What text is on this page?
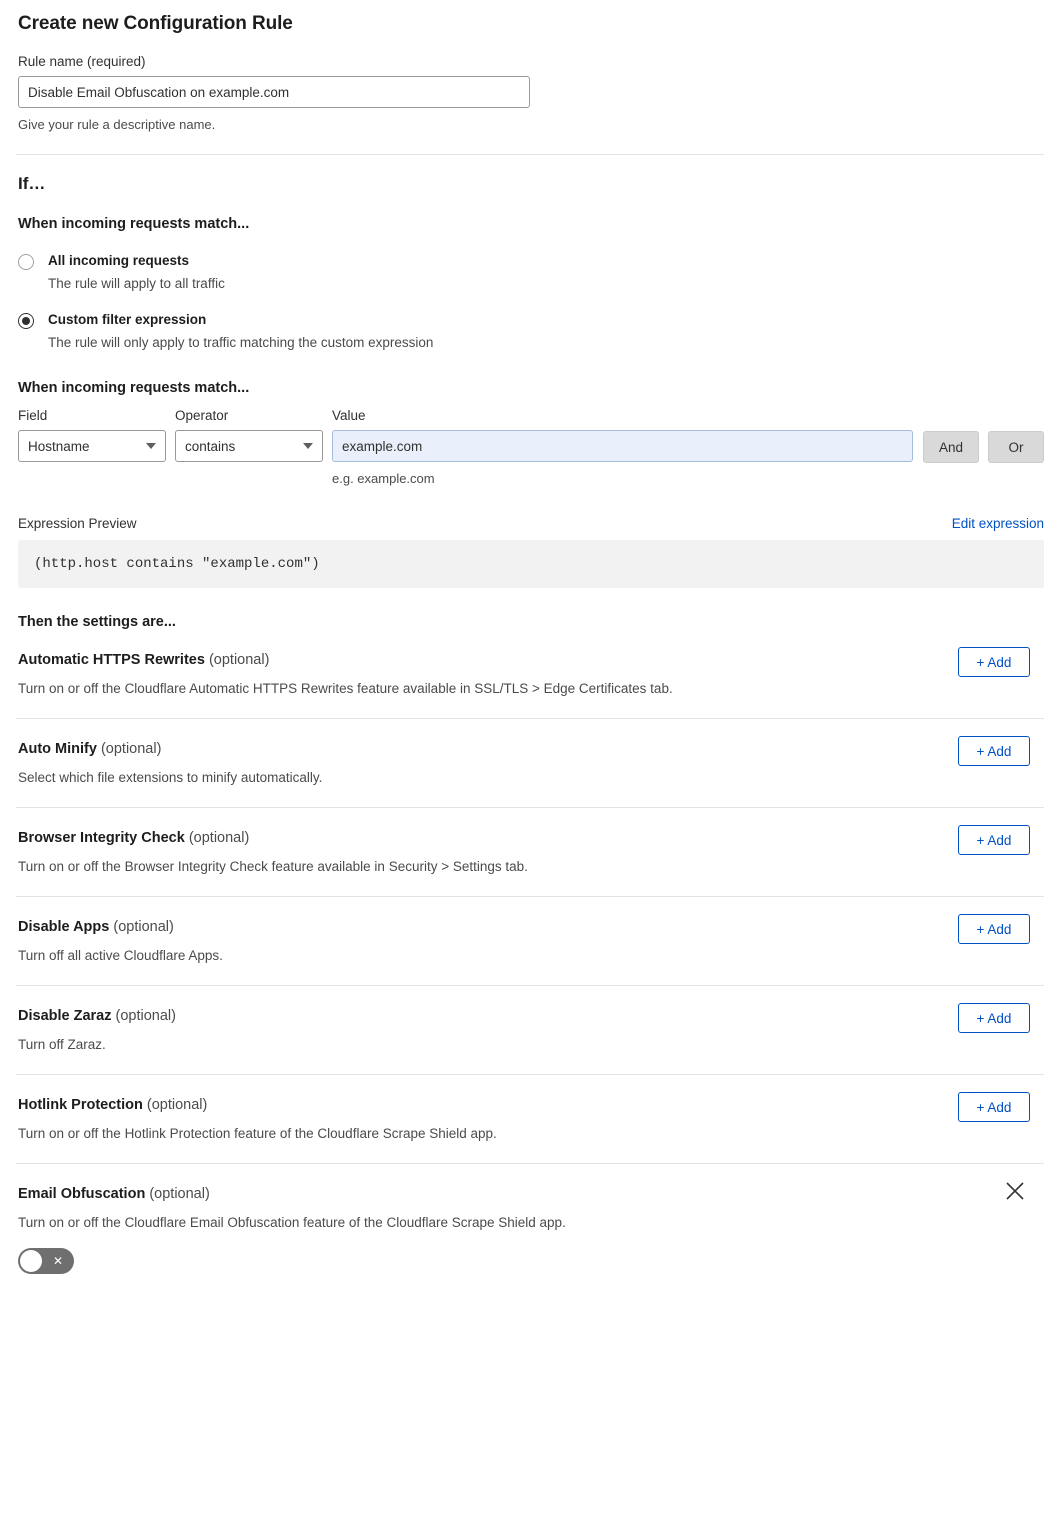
Create new Configuration Rule
Rule name (required)
Disable Email Obfuscation on example.com
Give your rule a descriptive name.
If…
When incoming requests match...
All incoming requests
The rule will apply to all traffic
Custom filter expression
The rule will only apply to traffic matching the custom expression
When incoming requests match...
Field
Hostname
Operator
contains
Value
example.com
e.g. example.com
And	Or
Expression Preview	Edit expression
(http.host contains "example.com")
Then the settings are...
Automatic HTTPS Rewrites (optional)
Turn on or off the Cloudflare Automatic HTTPS Rewrites feature available in SSL/TLS > Edge Certificates tab.
+ Add
Auto Minify (optional)
Select which file extensions to minify automatically.
+ Add
Browser Integrity Check (optional)
Turn on or off the Browser Integrity Check feature available in Security > Settings tab.
+ Add
Disable Apps (optional)
Turn off all active Cloudflare Apps.
+ Add
Disable Zaraz (optional)
Turn off Zaraz.
+ Add
Hotlink Protection (optional)
Turn on or off the Hotlink Protection feature of the Cloudflare Scrape Shield app.
+ Add
Email Obfuscation (optional)
Turn on or off the Cloudflare Email Obfuscation feature of the Cloudflare Scrape Shield app.
✕
